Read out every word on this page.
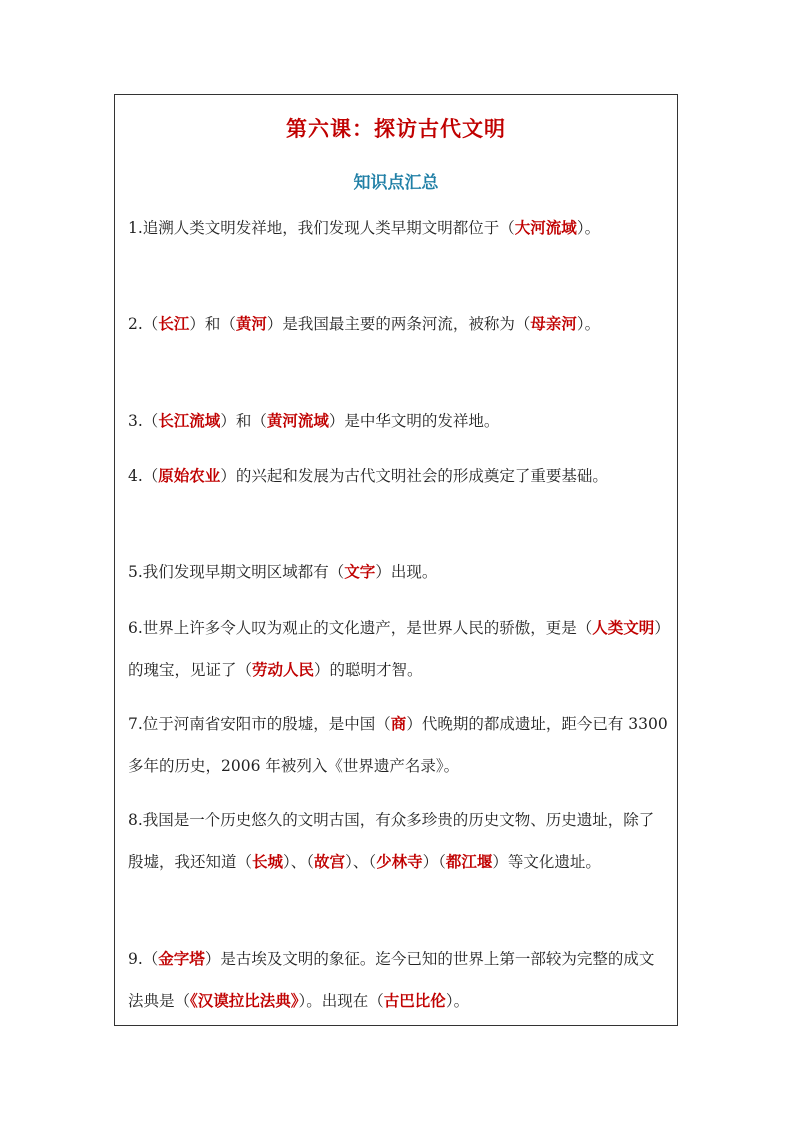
第六课：探访古代文明
知识点汇总
1.追溯人类文明发祥地，我们发现人类早期文明都位于（大河流域）。
2.（长江）和（黄河）是我国最主要的两条河流，被称为（母亲河）。
3.（长江流域）和（黄河流域）是中华文明的发祥地。
4.（原始农业）的兴起和发展为古代文明社会的形成奠定了重要基础。
5.我们发现早期文明区域都有（文字）出现。
6.世界上许多令人叹为观止的文化遗产，是世界人民的骄傲，更是（人类文明）的瑰宝，见证了（劳动人民）的聪明才智。
7.位于河南省安阳市的殷墟，是中国（商）代晚期的都成遗址，距今已有 3300 多年的历史，2006 年被列入《世界遗产名录》。
8.我国是一个历史悠久的文明古国，有众多珍贵的历史文物、历史遗址，除了殷墟，我还知道（长城）、（故宫）、（少林寺）（都江堰）等文化遗址。
9.（金字塔）是古埃及文明的象征。迄今已知的世界上第一部较为完整的成文法典是（《汉谟拉比法典》）。出现在（古巴比伦）。
